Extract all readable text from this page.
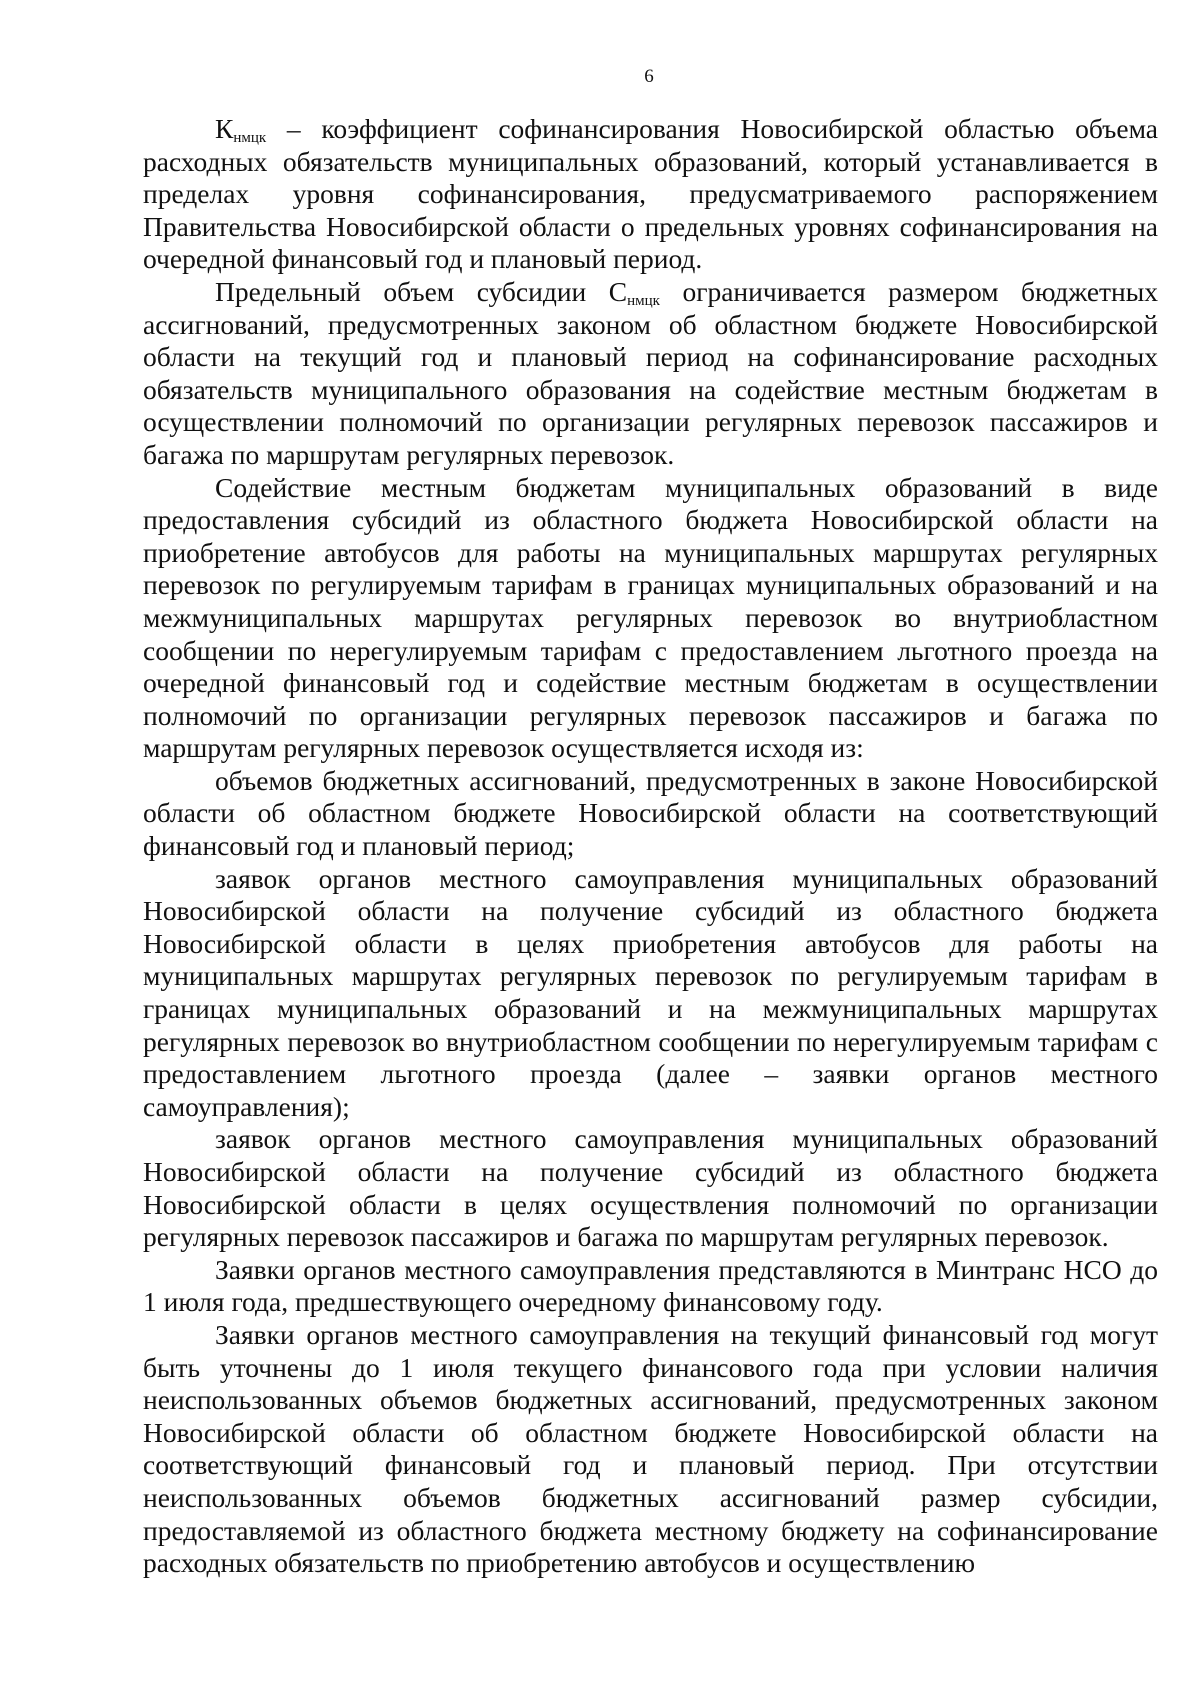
6

$К_{нмцк}$ – коэффициент софинансирования Новосибирской областью объема расходных обязательств муниципальных образований, который устанавливается в пределах уровня софинансирования, предусматриваемого распоряжением Правительства Новосибирской области о предельных уровнях софинансирования на очередной финансовый год и плановый период.

Предельный объем субсидии $С_{нмцк}$ ограничивается размером бюджетных ассигнований, предусмотренных законом об областном бюджете Новосибирской области на текущий год и плановый период на софинансирование расходных обязательств муниципального образования на содействие местным бюджетам в осуществлении полномочий по организации регулярных перевозок пассажиров и багажа по маршрутам регулярных перевозок.

Содействие местным бюджетам муниципальных образований в виде предоставления субсидий из областного бюджета Новосибирской области на приобретение автобусов для работы на муниципальных маршрутах регулярных перевозок по регулируемым тарифам в границах муниципальных образований и на межмуниципальных маршрутах регулярных перевозок во внутриобластном сообщении по нерегулируемым тарифам с предоставлением льготного проезда на очередной финансовый год и содействие местным бюджетам в осуществлении полномочий по организации регулярных перевозок пассажиров и багажа по маршрутам регулярных перевозок осуществляется исходя из:

объемов бюджетных ассигнований, предусмотренных в законе Новосибирской области об областном бюджете Новосибирской области на соответствующий финансовый год и плановый период;

заявок органов местного самоуправления муниципальных образований Новосибирской области на получение субсидий из областного бюджета Новосибирской области в целях приобретения автобусов для работы на муниципальных маршрутах регулярных перевозок по регулируемым тарифам в границах муниципальных образований и на межмуниципальных маршрутах регулярных перевозок во внутриобластном сообщении по нерегулируемым тарифам с предоставлением льготного проезда (далее – заявки органов местного самоуправления);

заявок органов местного самоуправления муниципальных образований Новосибирской области на получение субсидий из областного бюджета Новосибирской области в целях осуществления полномочий по организации регулярных перевозок пассажиров и багажа по маршрутам регулярных перевозок.

Заявки органов местного самоуправления представляются в Минтранс НСО до 1 июля года, предшествующего очередному финансовому году.

Заявки органов местного самоуправления на текущий финансовый год могут быть уточнены до 1 июля текущего финансового года при условии наличия неиспользованных объемов бюджетных ассигнований, предусмотренных законом Новосибирской области об областном бюджете Новосибирской области на соответствующий финансовый год и плановый период. При отсутствии неиспользованных объемов бюджетных ассигнований размер субсидии, предоставляемой из областного бюджета местному бюджету на софинансирование расходных обязательств по приобретению автобусов и осуществлению
